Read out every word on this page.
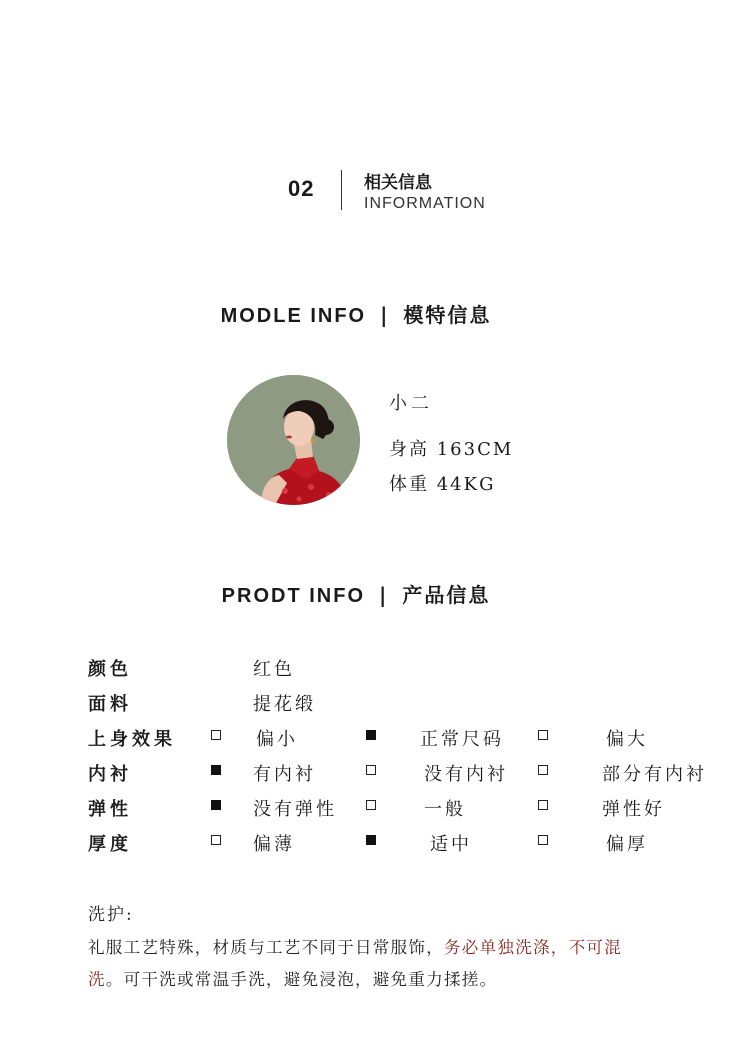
02	相关信息
INFORMATION
MODLE INFO | 模特信息
小二
身高 163CM
体重 44KG
PRODT INFO | 产品信息
颜色	红色
面料	提花缎
上身效果	偏小	正常尺码	偏大
内衬	有内衬	没有内衬	部分有内衬
弹性	没有弹性	一般	弹性好
厚度	偏薄	适中	偏厚
洗护:
礼服工艺特殊，材质与工艺不同于日常服饰，务必单独洗涤，不可混
洗。可干洗或常温手洗，避免浸泡，避免重力揉搓。
